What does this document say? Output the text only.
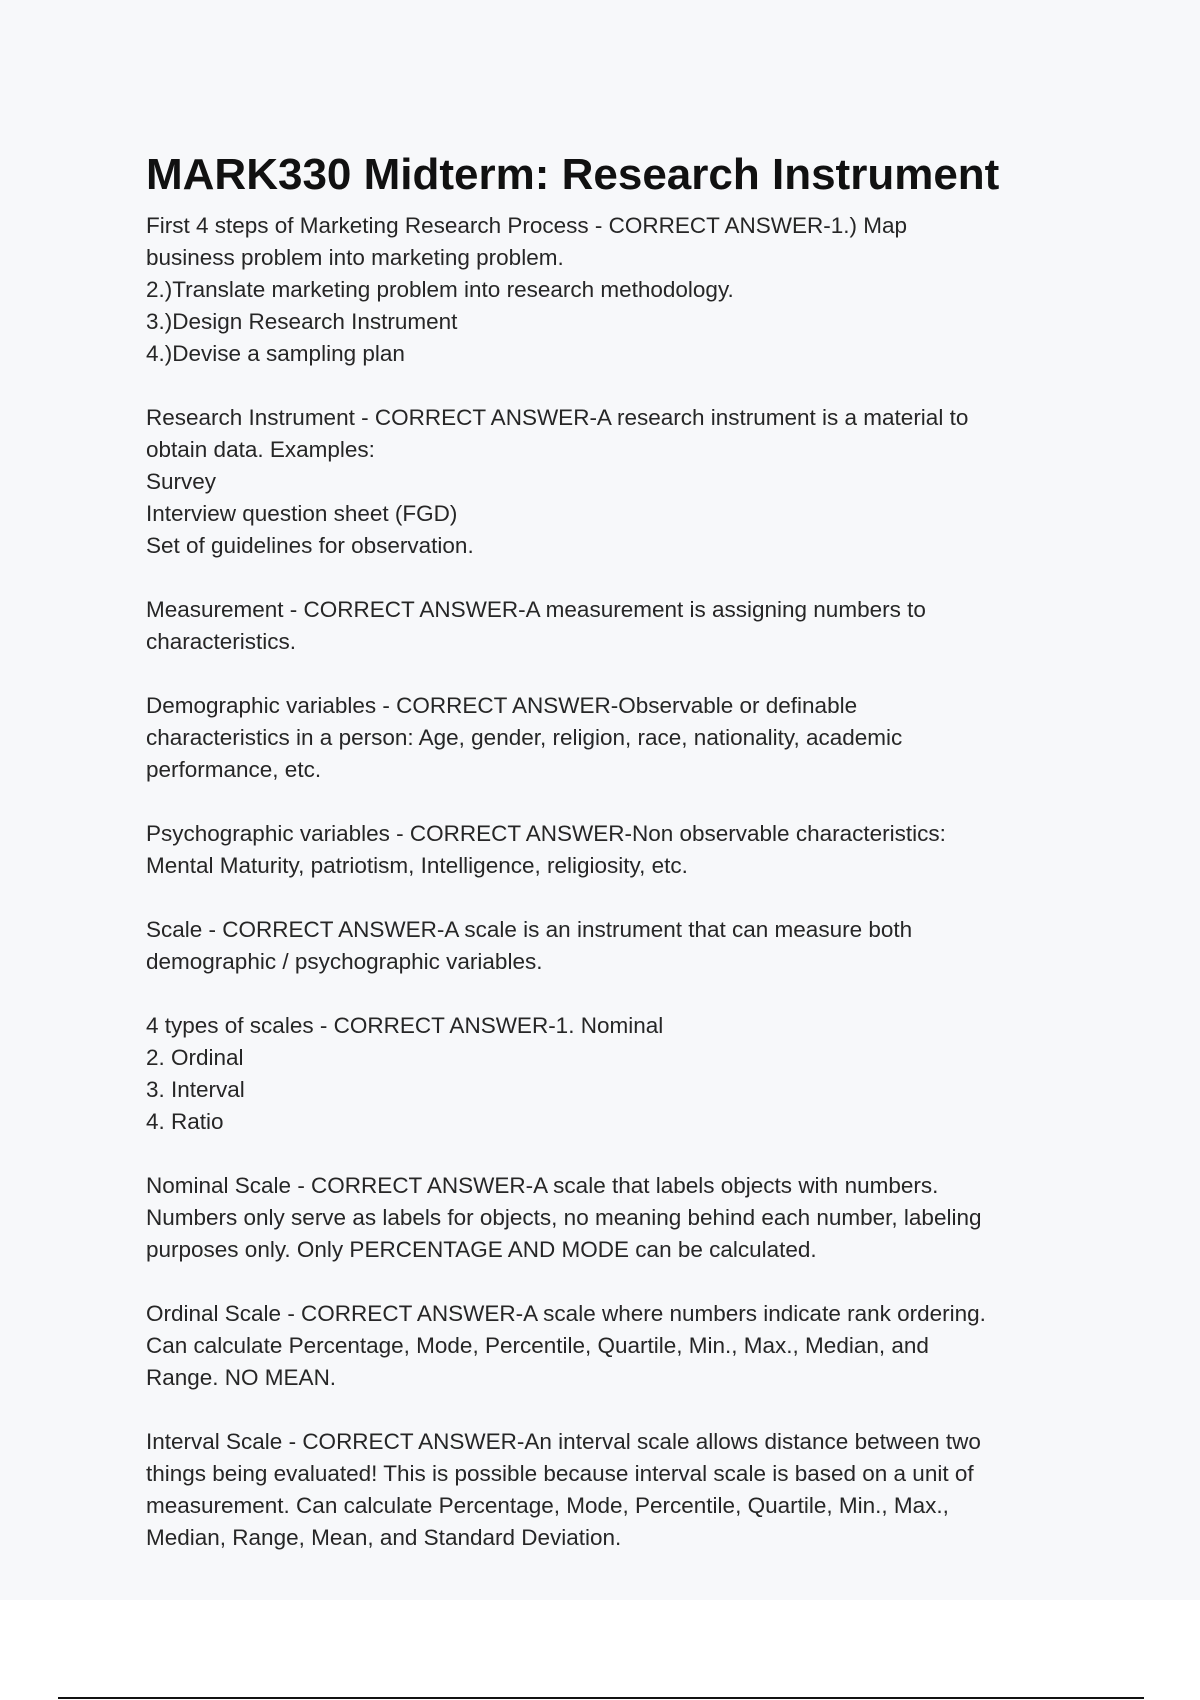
MARK330 Midterm: Research Instrument
First 4 steps of Marketing Research Process - CORRECT ANSWER-1.) Map
business problem into marketing problem.
2.)Translate marketing problem into research methodology.
3.)Design Research Instrument
4.)Devise a sampling plan
Research Instrument - CORRECT ANSWER-A research instrument is a material to
obtain data. Examples:
Survey
Interview question sheet (FGD)
Set of guidelines for observation.
Measurement - CORRECT ANSWER-A measurement is assigning numbers to
characteristics.
Demographic variables - CORRECT ANSWER-Observable or definable
characteristics in a person: Age, gender, religion, race, nationality, academic
performance, etc.
Psychographic variables - CORRECT ANSWER-Non observable characteristics:
Mental Maturity, patriotism, Intelligence, religiosity, etc.
Scale - CORRECT ANSWER-A scale is an instrument that can measure both
demographic / psychographic variables.
4 types of scales - CORRECT ANSWER-1. Nominal
2. Ordinal
3. Interval
4. Ratio
Nominal Scale - CORRECT ANSWER-A scale that labels objects with numbers.
Numbers only serve as labels for objects, no meaning behind each number, labeling
purposes only. Only PERCENTAGE AND MODE can be calculated.
Ordinal Scale - CORRECT ANSWER-A scale where numbers indicate rank ordering.
Can calculate Percentage, Mode, Percentile, Quartile, Min., Max., Median, and
Range. NO MEAN.
Interval Scale - CORRECT ANSWER-An interval scale allows distance between two
things being evaluated! This is possible because interval scale is based on a unit of
measurement. Can calculate Percentage, Mode, Percentile, Quartile, Min., Max.,
Median, Range, Mean, and Standard Deviation.
